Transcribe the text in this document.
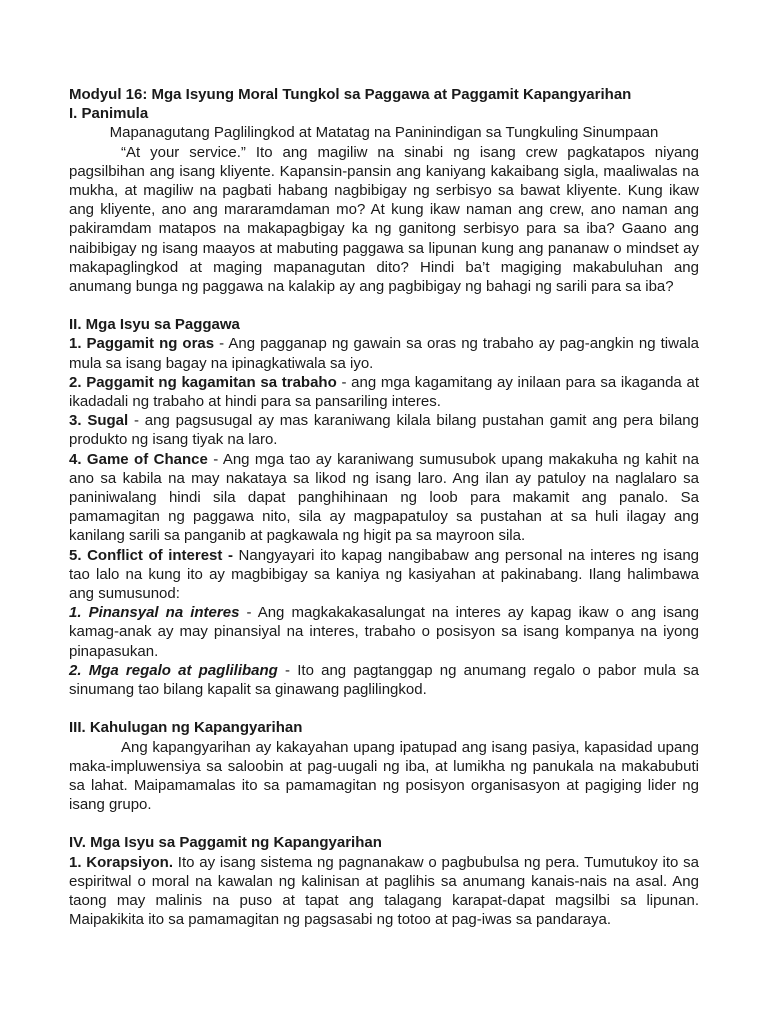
Modyul 16: Mga Isyung Moral Tungkol sa Paggawa at Paggamit Kapangyarihan

I. Panimula

Mapanagutang Paglilingkod at Matatag na Paninindigan sa Tungkuling Sinumpaan

“At your service.” Ito ang magiliw na sinabi ng isang crew pagkatapos niyang pagsilbihan ang isang kliyente. Kapansin-pansin ang kaniyang kakaibang sigla, maaliwalas na mukha, at magiliw na pagbati habang nagbibigay ng serbisyo sa bawat kliyente. Kung ikaw ang kliyente, ano ang mararamdaman mo? At kung ikaw naman ang crew, ano naman ang pakiramdam matapos na makapagbigay ka ng ganitong serbisyo para sa iba? Gaano ang naibibigay ng isang maayos at mabuting paggawa sa lipunan kung ang pananaw o mindset ay makapaglingkod at maging mapanagutan dito? Hindi ba’t magiging makabuluhan ang anumang bunga ng paggawa na kalakip ay ang pagbibigay ng bahagi ng sarili para sa iba?

II. Mga Isyu sa Paggawa

1. Paggamit ng oras - Ang pagganap ng gawain sa oras ng trabaho ay pag-angkin ng tiwala mula sa isang bagay na ipinagkatiwala sa iyo.

2. Paggamit ng kagamitan sa trabaho - ang mga kagamitang ay inilaan para sa ikaganda at ikadadali ng trabaho at hindi para sa pansariling interes.

3. Sugal - ang pagsusugal ay mas karaniwang kilala bilang pustahan gamit ang pera bilang produkto ng isang tiyak na laro.

4. Game of Chance - Ang mga tao ay karaniwang sumusubok upang makakuha ng kahit na ano sa kabila na may nakataya sa likod ng isang laro. Ang ilan ay patuloy na naglalaro sa paniniwalang hindi sila dapat panghihinaan ng loob para makamit ang panalo. Sa pamamagitan ng paggawa nito, sila ay magpapatuloy sa pustahan at sa huli ilagay ang kanilang sarili sa panganib at pagkawala ng higit pa sa mayroon sila.

5. Conflict of interest - Nangyayari ito kapag nangibabaw ang personal na interes ng isang tao lalo na kung ito ay magbibigay sa kaniya ng kasiyahan at pakinabang. Ilang halimbawa ang sumusunod:

1. Pinansyal na interes - Ang magkakakasalungat na interes ay kapag ikaw o ang isang kamag-anak ay may pinansiyal na interes, trabaho o posisyon sa isang kompanya na iyong pinapasukan.

2. Mga regalo at paglilibang - Ito ang pagtanggap ng anumang regalo o pabor mula sa sinumang tao bilang kapalit sa ginawang paglilingkod.

III. Kahulugan ng Kapangyarihan

Ang kapangyarihan ay kakayahan upang ipatupad ang isang pasiya, kapasidad upang maka-impluwensiya sa saloobin at pag-uugali ng iba, at lumikha ng panukala na makabubuti sa lahat. Maipamamalas ito sa pamamagitan ng posisyon organisasyon at pagiging lider ng isang grupo.

IV. Mga Isyu sa Paggamit ng Kapangyarihan

1. Korapsiyon. Ito ay isang sistema ng pagnanakaw o pagbubulsa ng pera. Tumutukoy ito sa espiritwal o moral na kawalan ng kalinisan at paglihis sa anumang kanais-nais na asal. Ang taong may malinis na puso at tapat ang talagang karapat-dapat magsilbi sa lipunan. Maipakikita ito sa pamamagitan ng pagsasabi ng totoo at pag-iwas sa pandaraya.
